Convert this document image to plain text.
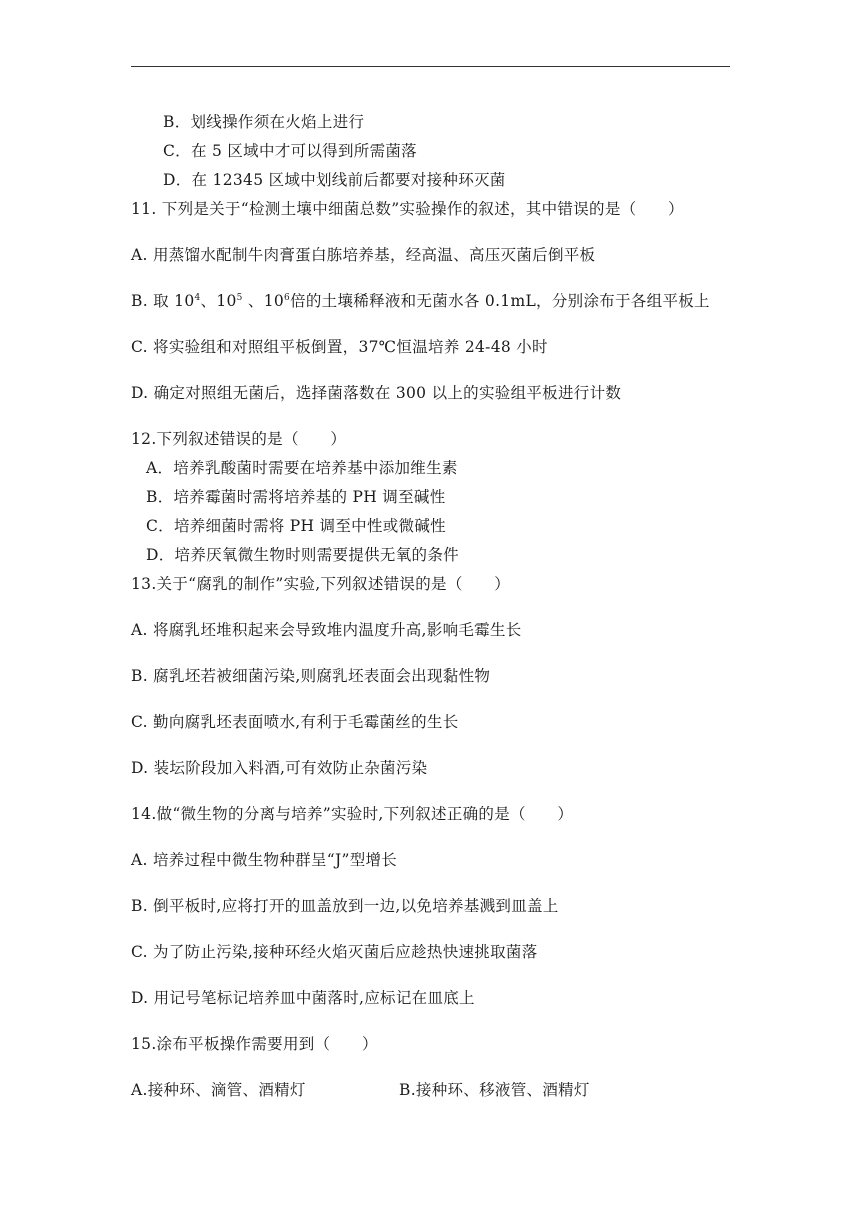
B．划线操作须在火焰上进行
C．在 5 区域中才可以得到所需菌落
D．在 12345 区域中划线前后都要对接种环灭菌
11. 下列是关于“检测土壤中细菌总数”实验操作的叙述，其中错误的是（　　）
A. 用蒸馏水配制牛肉膏蛋白胨培养基，经高温、高压灭菌后倒平板
B. 取 $10^4$、$10^5$ 、$10^6$倍的土壤稀释液和无菌水各 0.1mL，分别涂布于各组平板上
C. 将实验组和对照组平板倒置，37℃恒温培养 24-48 小时
D. 确定对照组无菌后，选择菌落数在 300 以上的实验组平板进行计数
12.下列叙述错误的是（　　）
A．培养乳酸菌时需要在培养基中添加维生素
B．培养霉菌时需将培养基的 PH 调至碱性
C．培养细菌时需将 PH 调至中性或微碱性
D．培养厌氧微生物时则需要提供无氧的条件
13.关于“腐乳的制作”实验,下列叙述错误的是（　　）
A. 将腐乳坯堆积起来会导致堆内温度升高,影响毛霉生长
B. 腐乳坯若被细菌污染,则腐乳坯表面会出现黏性物
C. 勤向腐乳坯表面喷水,有利于毛霉菌丝的生长
D. 装坛阶段加入料酒,可有效防止杂菌污染
14.做“微生物的分离与培养”实验时,下列叙述正确的是（　　）
A. 培养过程中微生物种群呈“J”型增长
B. 倒平板时,应将打开的皿盖放到一边,以免培养基溅到皿盖上
C. 为了防止污染,接种环经火焰灭菌后应趁热快速挑取菌落
D. 用记号笔标记培养皿中菌落时,应标记在皿底上
15.涂布平板操作需要用到（　　）
A.接种环、滴管、酒精灯	B.接种环、移液管、酒精灯
